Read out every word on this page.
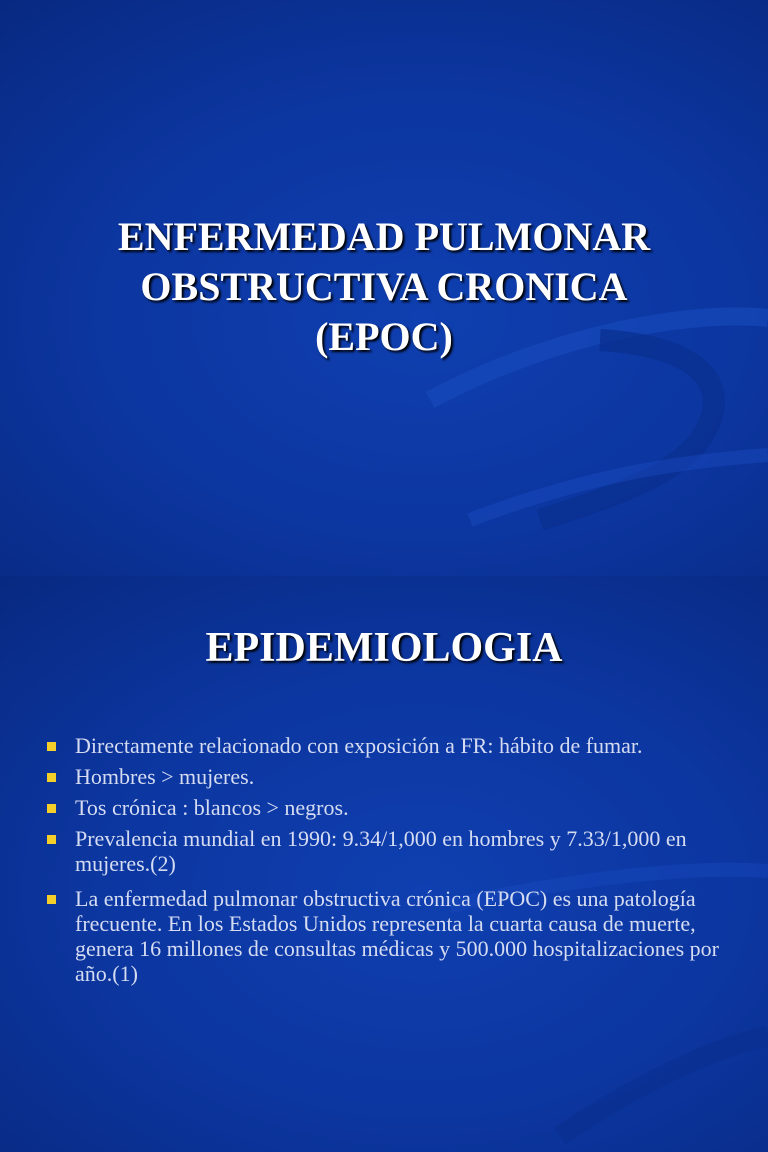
ENFERMEDAD PULMONAR
OBSTRUCTIVA CRONICA
(EPOC)
EPIDEMIOLOGIA
Directamente relacionado con exposición a FR: hábito de fumar.
Hombres > mujeres.
Tos crónica : blancos > negros.
Prevalencia mundial en 1990: 9.34/1,000 en hombres y 7.33/1,000 en mujeres.(2)
La enfermedad pulmonar obstructiva crónica (EPOC) es una patología frecuente. En los Estados Unidos representa la cuarta causa de muerte, genera 16 millones de consultas médicas y 500.000 hospitalizaciones por año.(1)
